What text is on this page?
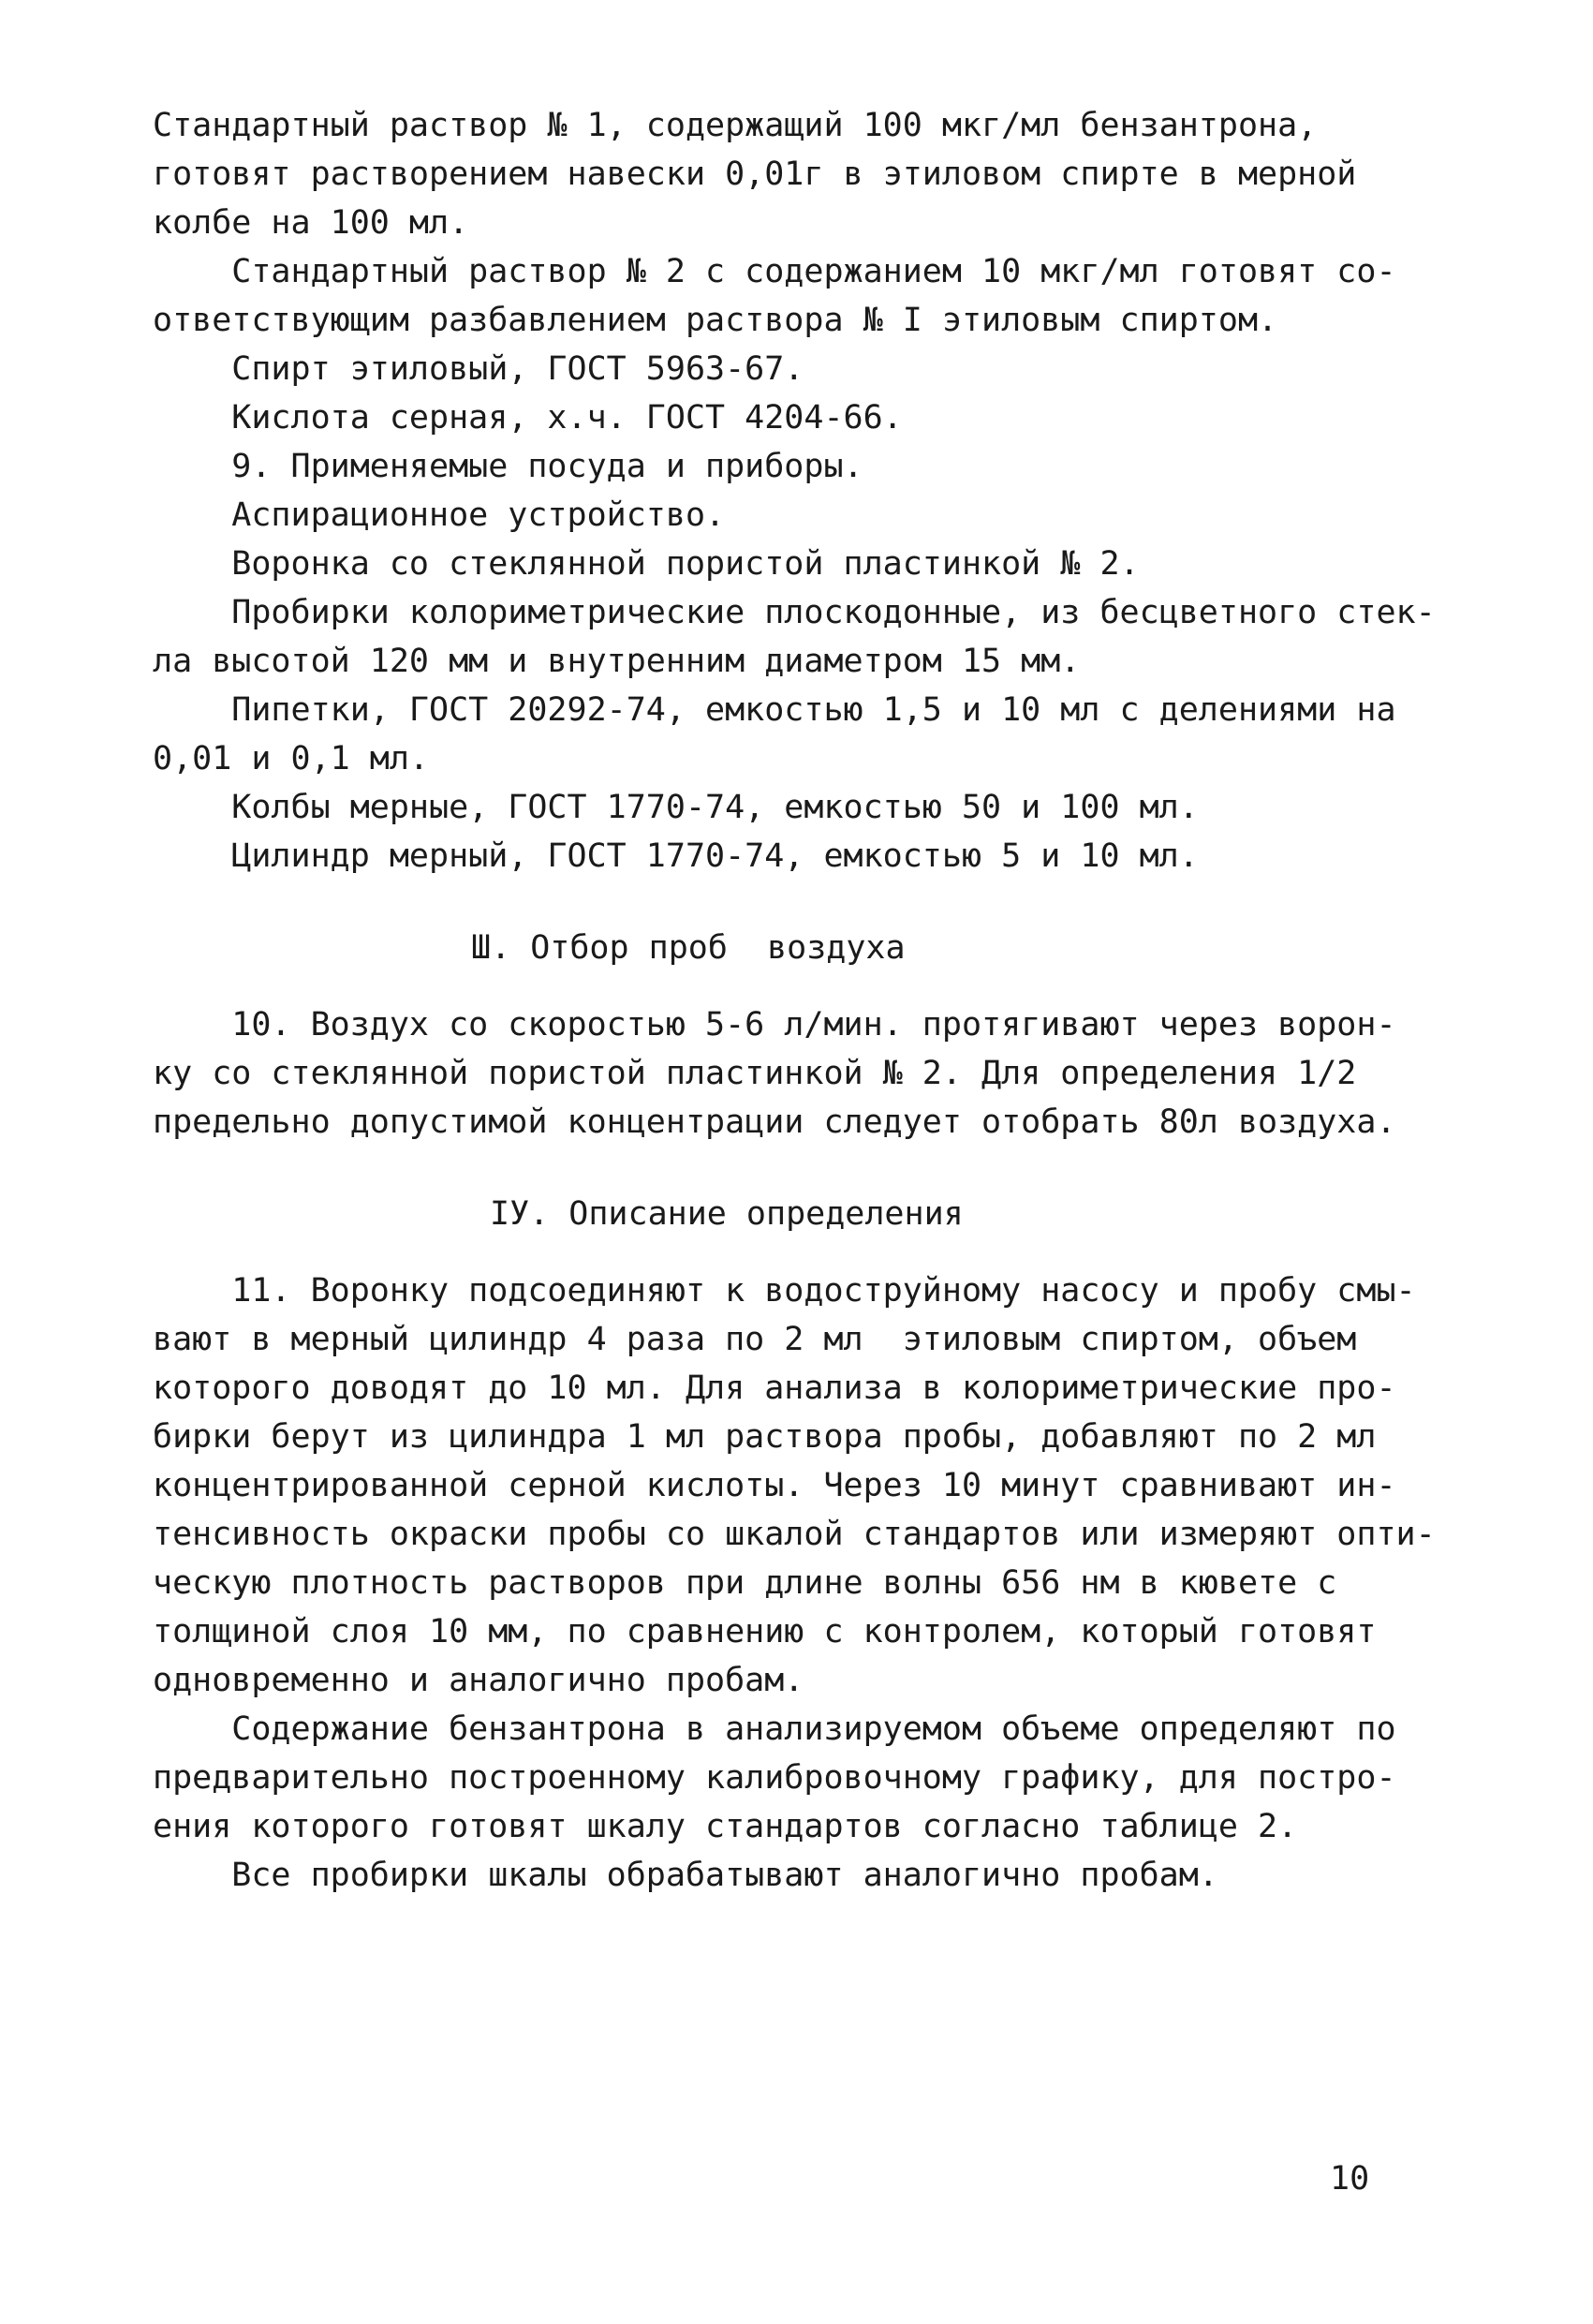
Стандартный раствор № 1, содержащий 100 мкг/мл бензантрона,
готовят растворением навески 0,01г в этиловом спирте в мерной
колбе на 100 мл.
Стандартный раствор № 2 с содержанием 10 мкг/мл готовят со-
ответствующим разбавлением раствора № I этиловым спиртом.
Спирт этиловый, ГОСТ 5963-67.
Кислота серная, х.ч. ГОСТ 4204-66.
9. Применяемые посуда и приборы.
Аспирационное устройство.
Воронка со стеклянной пористой пластинкой № 2.
Пробирки колориметрические плоскодонные, из бесцветного стек-
ла высотой 120 мм и внутренним диаметром 15 мм.
Пипетки, ГОСТ 20292-74, емкостью 1,5 и 10 мл с делениями на
0,01 и 0,1 мл.
Колбы мерные, ГОСТ 1770-74, емкостью 50 и 100 мл.
Цилиндр мерный, ГОСТ 1770-74, емкостью 5 и 10 мл.
Ш. Отбор проб  воздуха
10. Воздух со скоростью 5-6 л/мин. протягивают через ворон-
ку со стеклянной пористой пластинкой № 2. Для определения 1/2
предельно допустимой концентрации следует отобрать 80л воздуха.
IУ. Описание определения
11. Воронку подсоединяют к водоструйному насосу и пробу смы-
вают в мерный цилиндр 4 раза по 2 мл  этиловым спиртом, объем
которого доводят до 10 мл. Для анализа в колориметрические про-
бирки берут из цилиндра 1 мл раствора пробы, добавляют по 2 мл
концентрированной серной кислоты. Через 10 минут сравнивают ин-
тенсивность окраски пробы со шкалой стандартов или измеряют опти-
ческую плотность растворов при длине волны 656 нм в кювете с
толщиной слоя 10 мм, по сравнению с контролем, который готовят
одновременно и аналогично пробам.
Содержание бензантрона в анализируемом объеме определяют по
предварительно построенному калибровочному графику, для постро-
ения которого готовят шкалу стандартов согласно таблице 2.
Все пробирки шкалы обрабатывают аналогично пробам.
10
